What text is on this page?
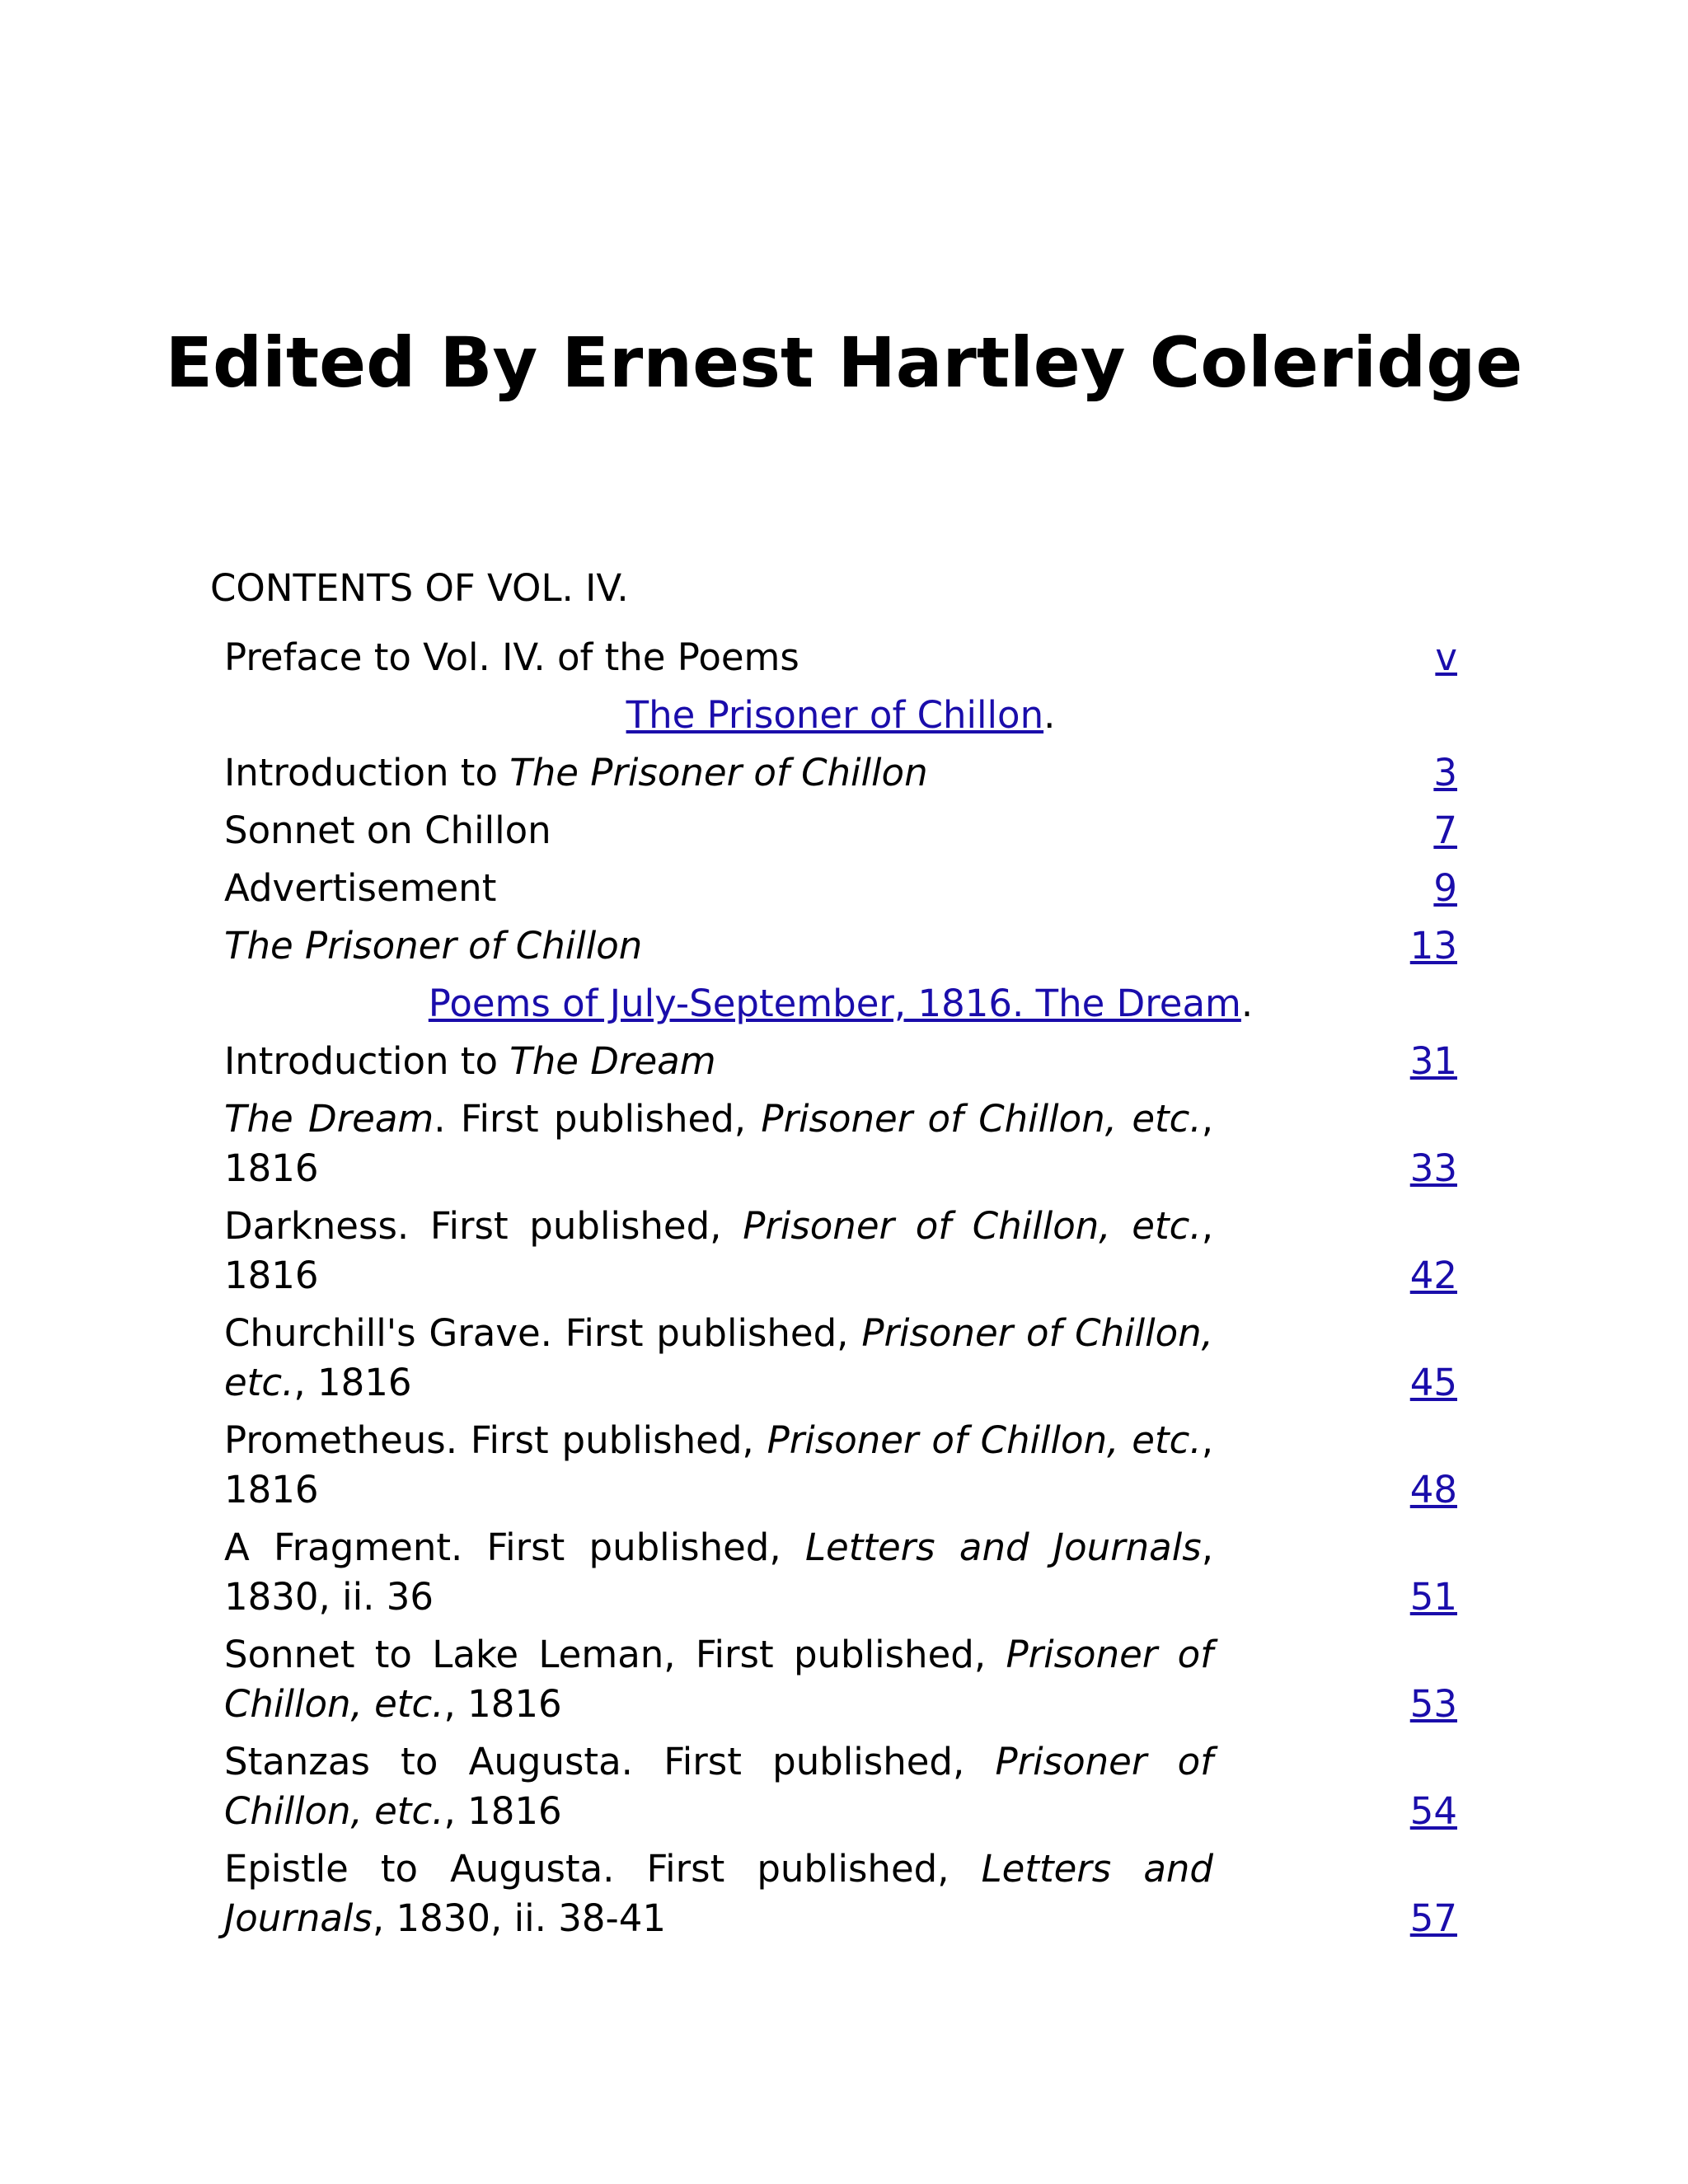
Edited By Ernest Hartley Coleridge
CONTENTS OF VOL. IV.
Preface to Vol. IV. of the Poems	v
The Prisoner of Chillon.
Introduction to The Prisoner of Chillon	3
Sonnet on Chillon	7
Advertisement	9
The Prisoner of Chillon	13
Poems of July-September, 1816. The Dream.
Introduction to The Dream	31
The Dream. First published, Prisoner of Chillon, etc., 1816	33
Darkness. First published, Prisoner of Chillon, etc., 1816	42
Churchill's Grave. First published, Prisoner of Chillon, etc., 1816	45
Prometheus. First published, Prisoner of Chillon, etc., 1816	48
A Fragment. First published, Letters and Journals, 1830, ii. 36	51
Sonnet to Lake Leman, First published, Prisoner of Chillon, etc., 1816	53
Stanzas to Augusta. First published, Prisoner of Chillon, etc., 1816	54
Epistle to Augusta. First published, Letters and Journals, 1830, ii. 38-41	57
